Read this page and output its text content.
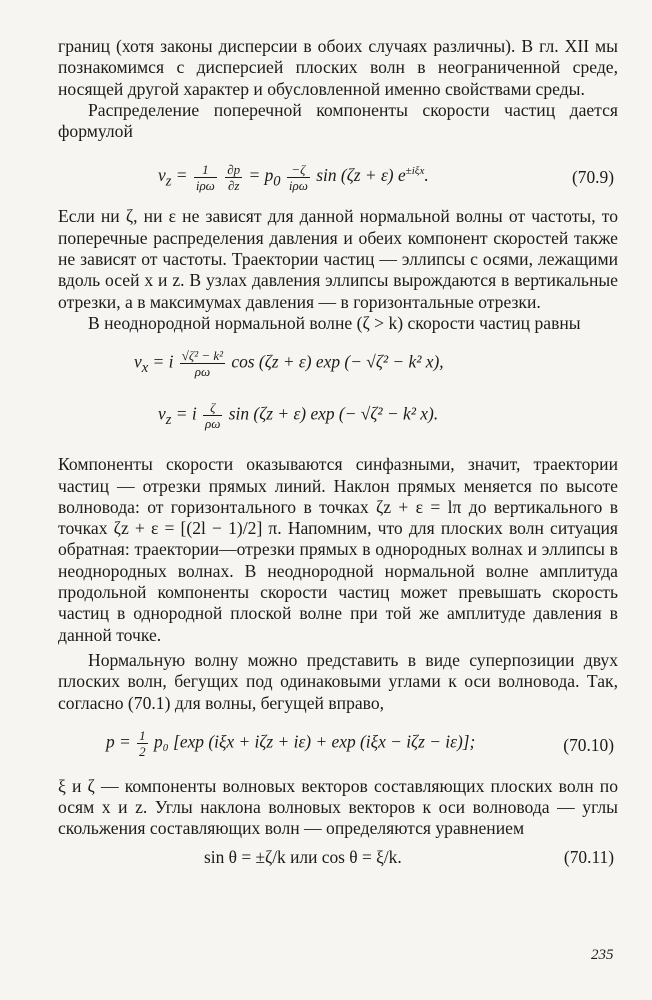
границ (хотя законы дисперсии в обоих случаях различны). В гл. XII мы познакомимся с дисперсией плоских волн в неограниченной среде, носящей другой характер и обусловленной именно свойствами среды.

Распределение поперечной компоненты скорости частиц дается формулой

$v_z = \frac{1}{\text{iρω}}$
$\frac{\partial p}{\partial z} = p_0 \frac{-\zeta}{\text{iρω}}$ sin (ζz + ε) $e^{\pm i\xi x}$.	(70.9)

Если ни ζ, ни ε не зависят для данной нормальной волны от частоты, то поперечные распределения давления и обеих компонент скоростей также не зависят от частоты. Траектории частиц — эллипсы с осями, лежащими вдоль осей x и z. В узлах давления эллипсы вырождаются в вертикальные отрезки, а в максимумах давления — в горизонтальные отрезки.

В неоднородной нормальной волне (ζ > k) скорости частиц равны

$v_x = i \frac{\text{√ζ² − k²}}{\rho\omega}$ cos (ζz + ε) exp (− √ζ² − k² x),
$v_z = i \frac{\zeta}{\rho\omega}$ sin (ζz + ε) exp (− √ζ² − k² x).

Компоненты скорости оказываются синфазными, значит, траектории частиц — отрезки прямых линий. Наклон прямых меняется по высоте волновода: от горизонтального в точках ζz + ε = lπ до вертикального в точках ζz + ε = [(2l − 1)/2] π. Напомним, что для плоских волн ситуация обратная: траектории—отрезки прямых в однородных волнах и эллипсы в неоднородных волнах. В неоднородной нормальной волне амплитуда продольной компоненты скорости частиц может превышать скорость частиц в однородной плоской волне при той же амплитуде давления в данной точке.

Нормальную волну можно представить в виде суперпозиции двух плоских волн, бегущих под одинаковыми углами к оси волновода. Так, согласно (70.1) для волны, бегущей вправо,

$p = \frac{1}{2} p_0$ [exp (iξx + iζz + iε) + exp (iξx − iζz − iε)];	(70.10)

ξ и ζ — компоненты волновых векторов составляющих плоских волн по осям x и z. Углы наклона волновых векторов к оси волновода — углы скольжения составляющих волн — определяются уравнением

sin θ = ±ζ/k или cos θ = ξ/k.	(70.11)
235
